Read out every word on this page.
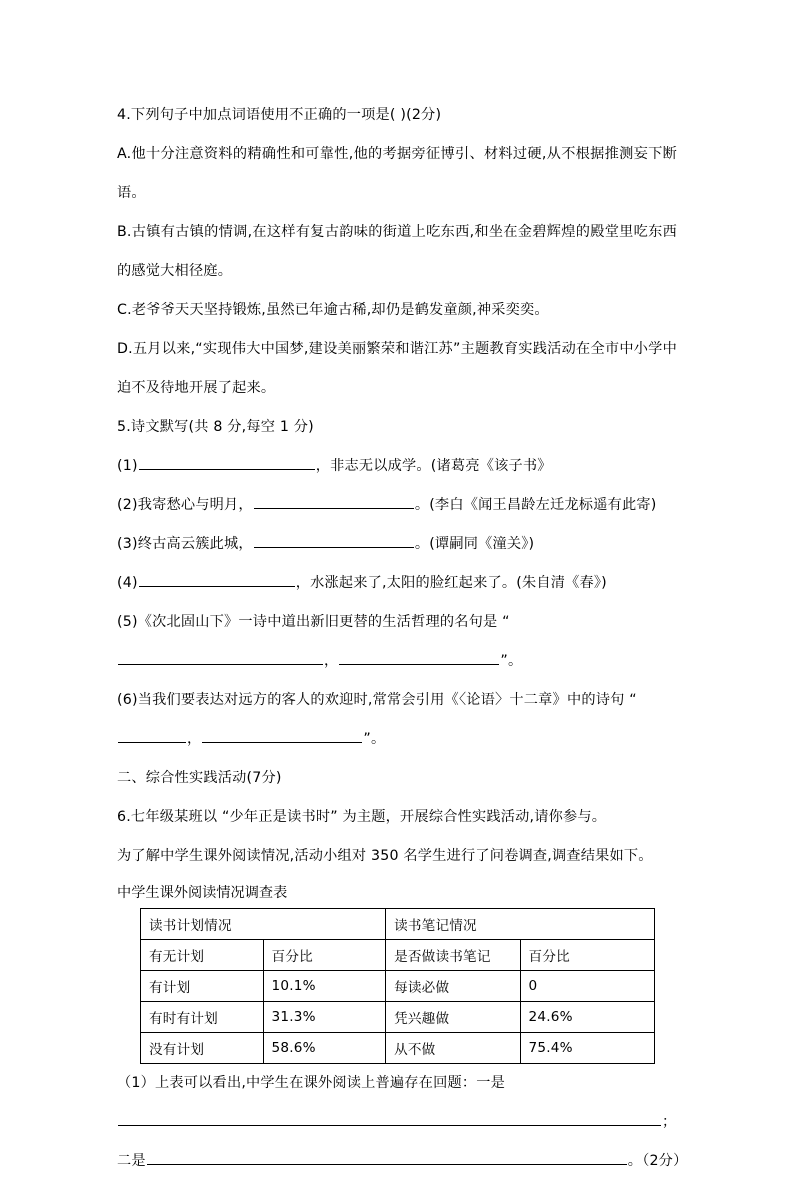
4.下列句子中加点词语使用不正确的一项是( )(2分)
A.他十分注意资料的精确性和可靠性,他的考据旁征博引、材料过硬,从不根据推测妄下断语。
B.古镇有古镇的情调,在这样有复古韵味的街道上吃东西,和坐在金碧辉煌的殿堂里吃东西的感觉大相径庭。
C.老爷爷天天坚持锻炼,虽然已年逾古稀,却仍是鹤发童颜,神采奕奕。
D.五月以来,“实现伟大中国梦,建设美丽繁荣和谐江苏”主题教育实践活动在全市中小学中迫不及待地开展了起来。
5.诗文默写(共 8 分,每空 1 分)
(1)	，非志无以成学。(诸葛亮《该子书》
(2)我寄愁心与明月，	。(李白《闻王昌龄左迁龙标遥有此寄)
(3)终古高云簇此城，	。(谭嗣同《潼关》)
(4)	，水涨起来了,太阳的脸红起来了。(朱自清《春》)
(5)《次北固山下》一诗中道出新旧更替的生活哲理的名句是 “，	”。
(6)当我们要表达对远方的客人的欢迎时,常常会引用《〈论语〉十二章》中的诗句 “，	”。
二、综合性实践活动(7分)
6.七年级某班以 “少年正是读书时” 为主题，开展综合性实践活动,请你参与。
为了解中学生课外阅读情况,活动小组对 350 名学生进行了问卷调查,调查结果如下。
中学生课外阅读情况调查表
读书计划情况		读书笔记情况	
有无计划	百分比	是否做读书笔记	百分比
有计划	10.1%	每读必做	0
有时有计划	31.3%	凭兴趣做	24.6%
没有计划	58.6%	从不做	75.4%
（1）上表可以看出,中学生在课外阅读上普遍存在回题：一是
；
二是	。（2分）
